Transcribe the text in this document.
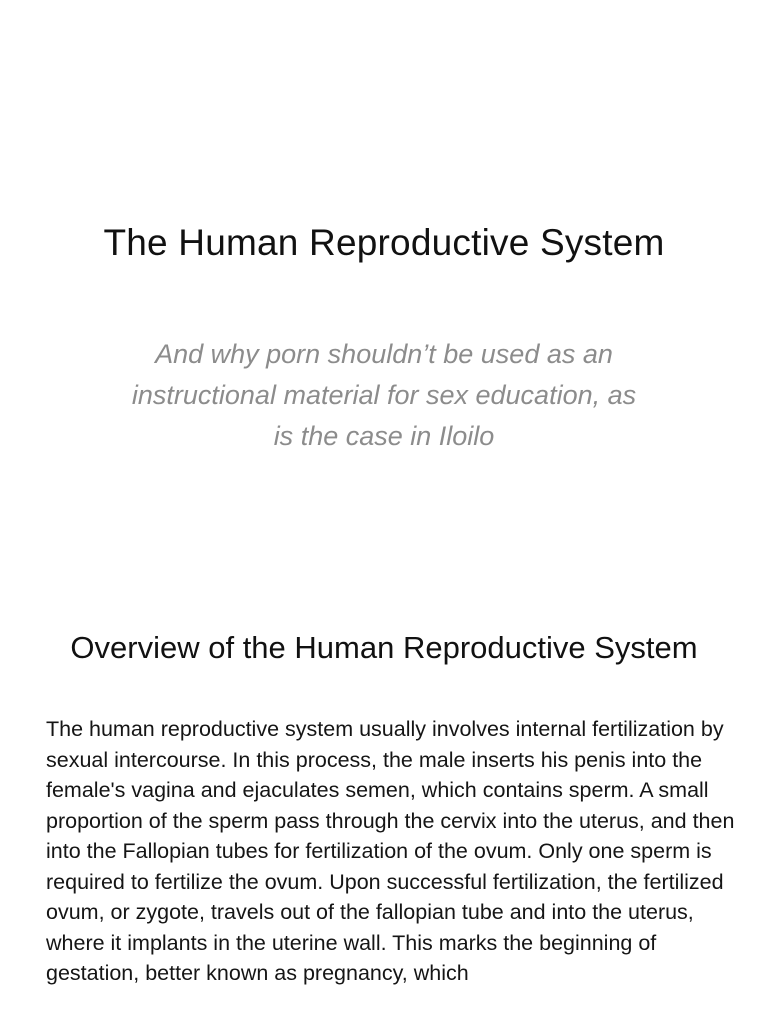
The Human Reproductive System

And why porn shouldn’t be used as an instructional material for sex education, as is the case in Iloilo

Overview of the Human Reproductive System

The human reproductive system usually involves internal fertilization by sexual intercourse. In this process, the male inserts his penis into the female's vagina and ejaculates semen, which contains sperm. A small proportion of the sperm pass through the cervix into the uterus, and then into the Fallopian tubes for fertilization of the ovum. Only one sperm is required to fertilize the ovum. Upon successful fertilization, the fertilized ovum, or zygote, travels out of the fallopian tube and into the uterus, where it implants in the uterine wall. This marks the beginning of gestation, better known as pregnancy, which
